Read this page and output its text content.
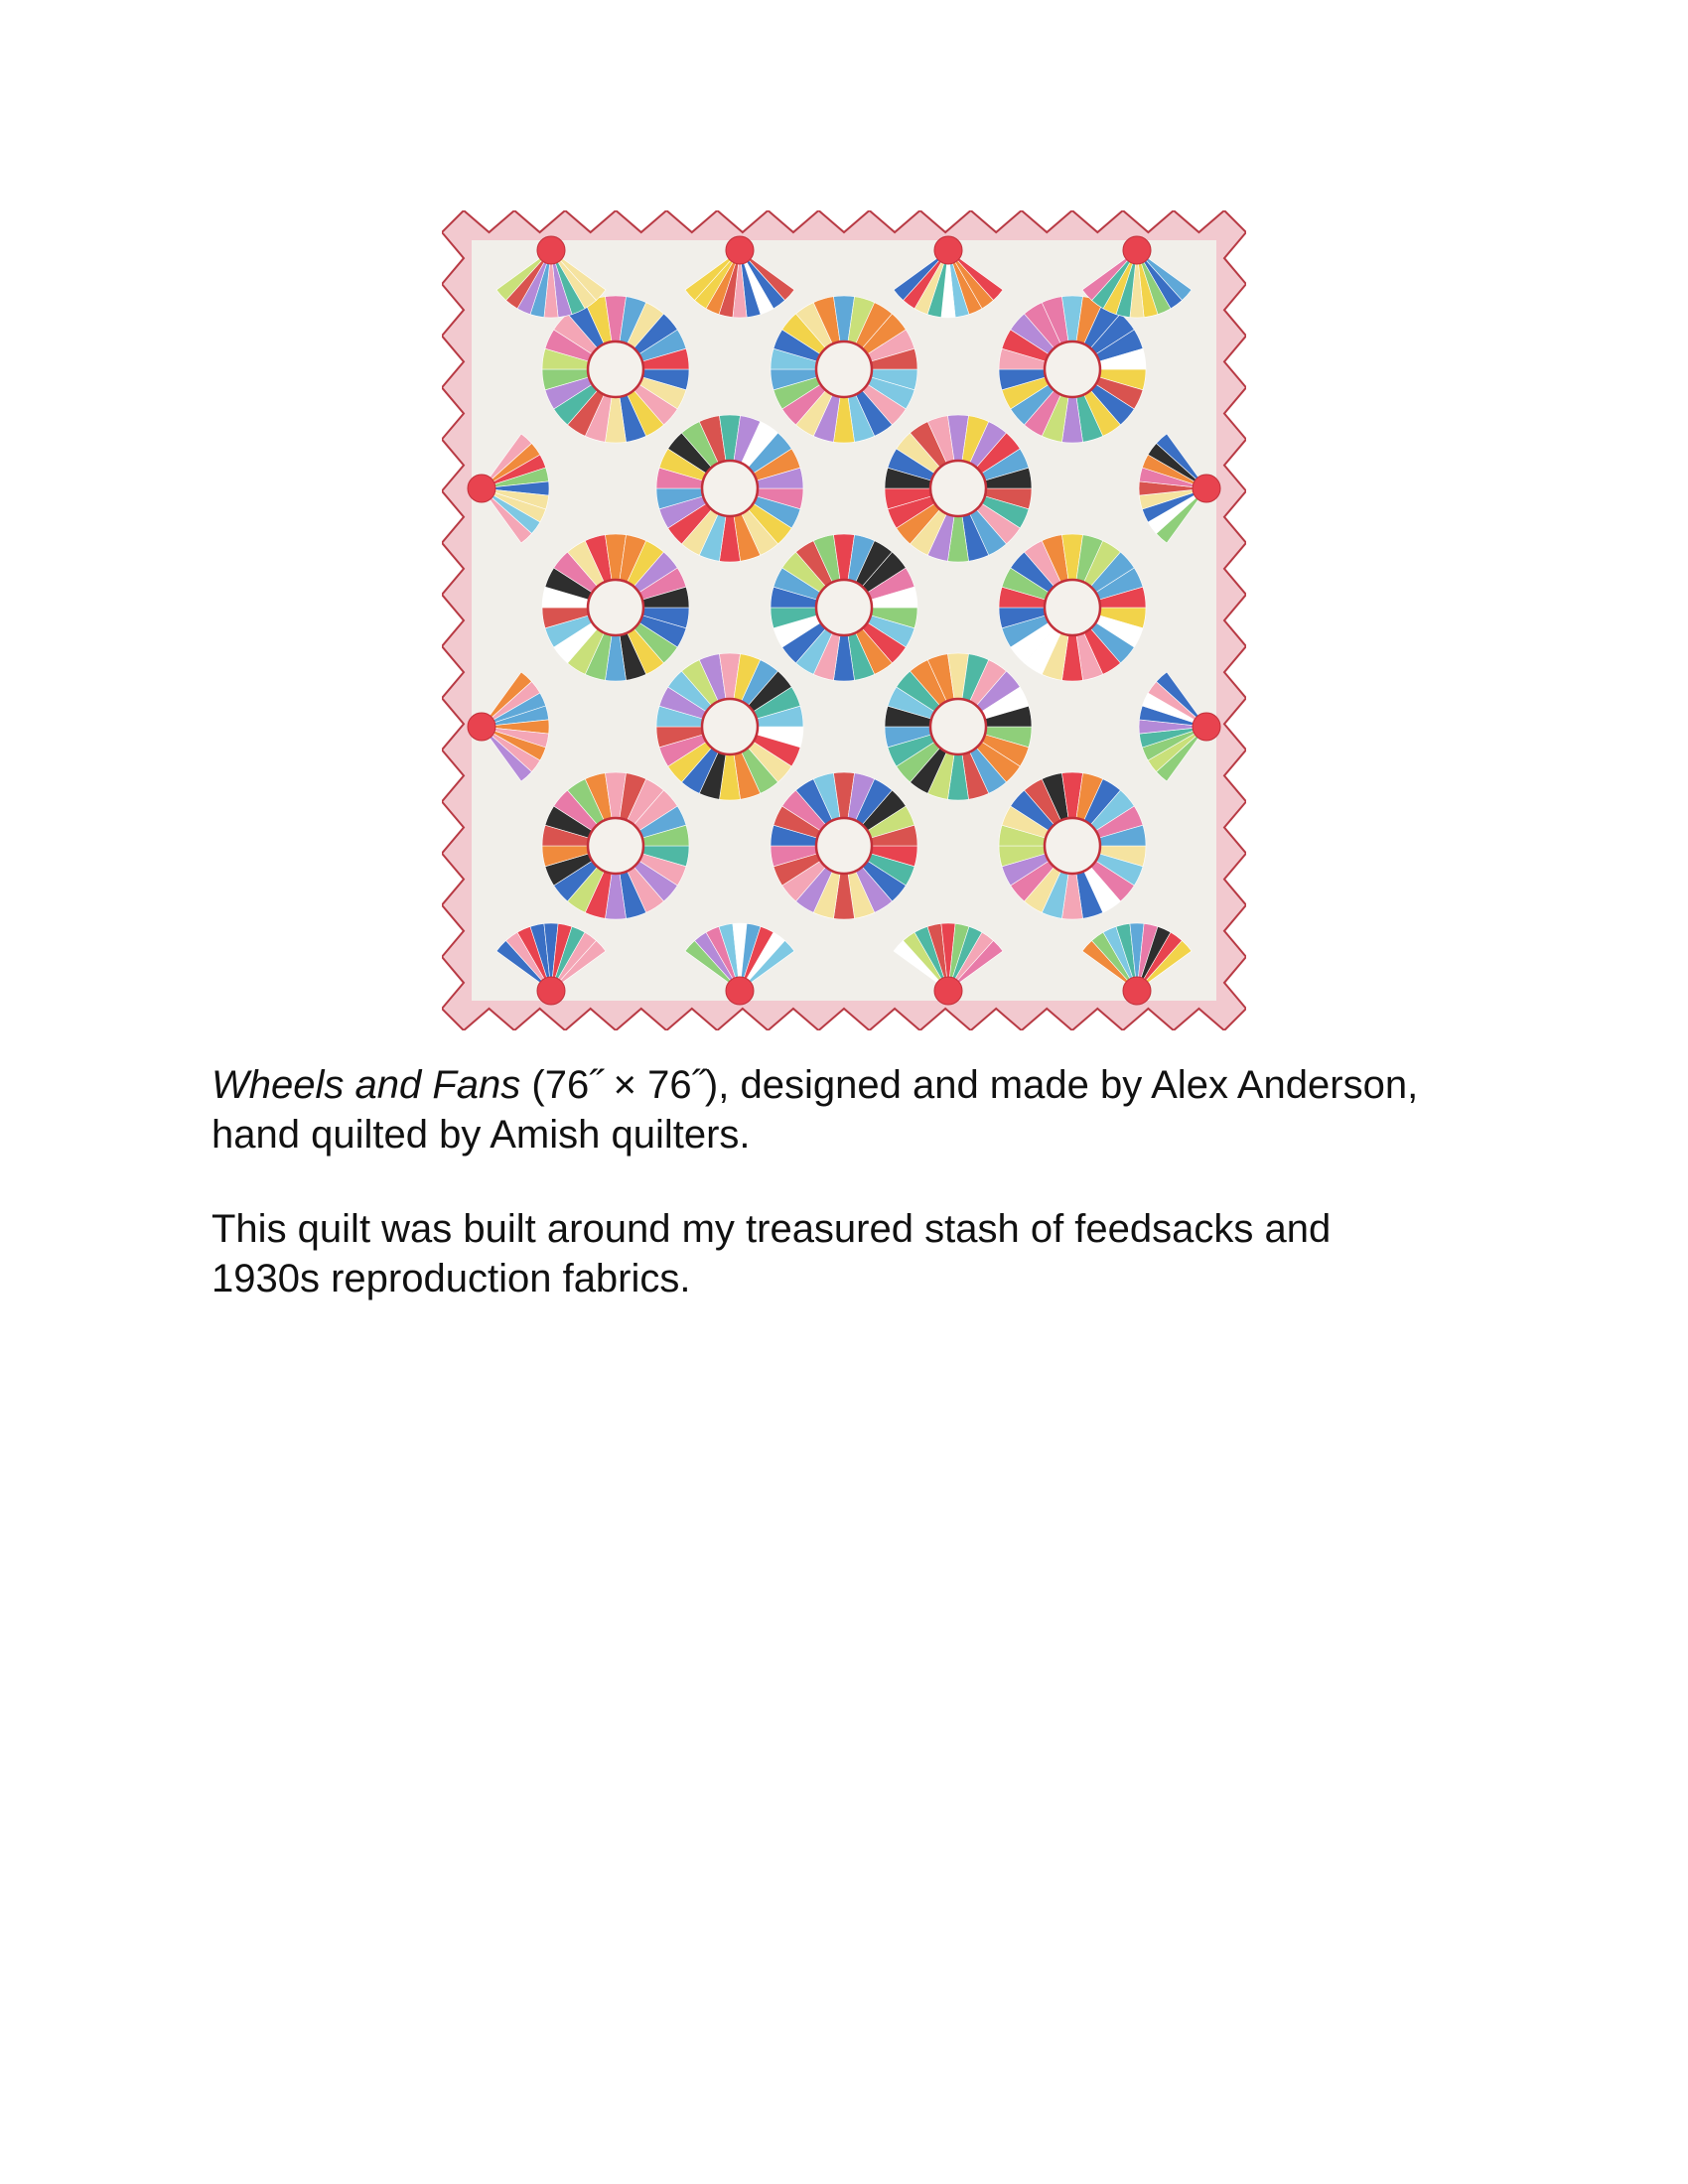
Wheels and Fans (76˝ × 76˝), designed and made by Alex Anderson,
hand quilted by Amish quilters.

This quilt was built around my treasured stash of feedsacks and
1930s reproduction fabrics.
